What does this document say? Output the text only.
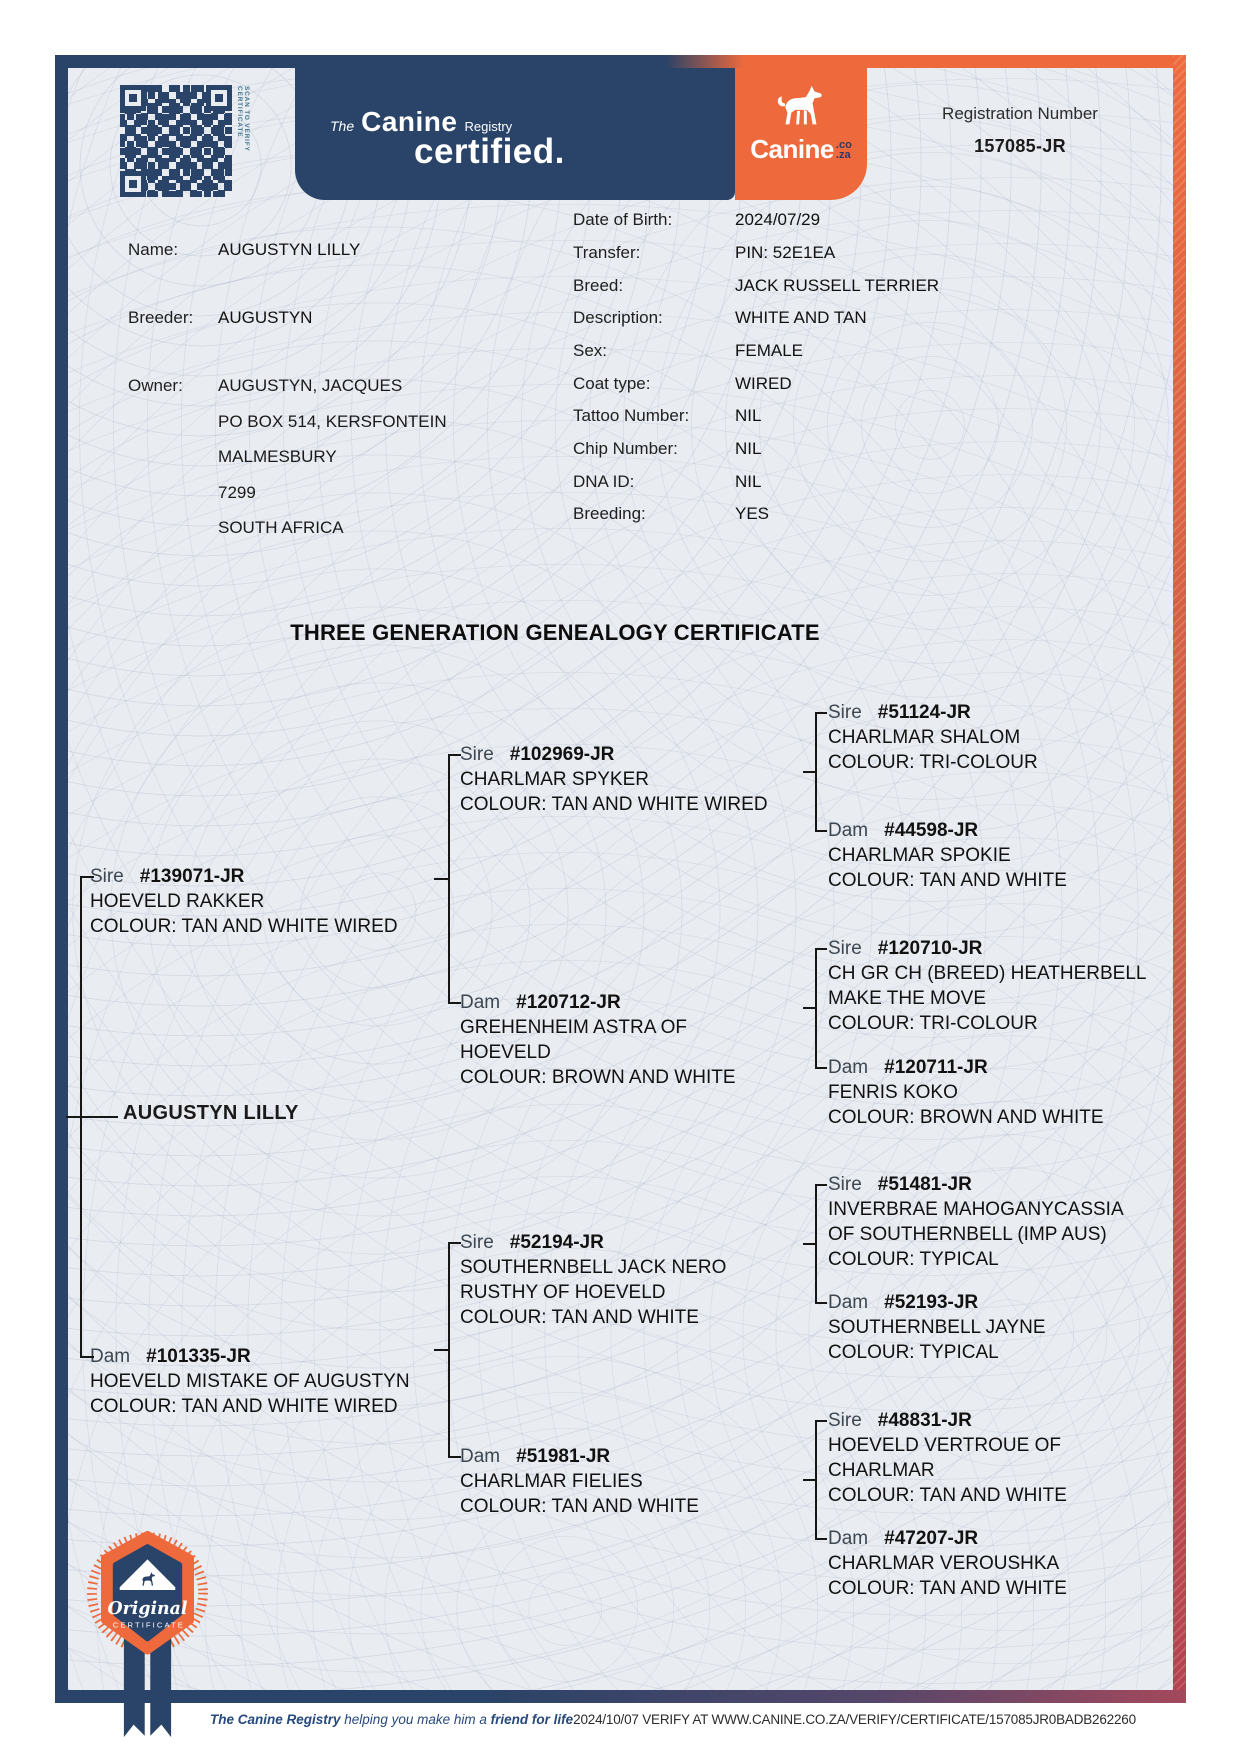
SCAN TO VERIFY CERTIFICATE	The Canine Registry
certified.	Canine .co
.za
Registration Number
157085-JR
Name:	AUGUSTYN LILLY
Breeder:	AUGUSTYN
Owner:	AUGUSTYN, JACQUES
PO BOX 514, KERSFONTEIN
MALMESBURY
7299
SOUTH AFRICA
Date of Birth:	2024/07/29
Transfer:	PIN: 52E1EA
Breed:	JACK RUSSELL TERRIER
Description:	WHITE AND TAN
Sex:	FEMALE
Coat type:	WIRED
Tattoo Number:	NIL
Chip Number:	NIL
DNA ID:	NIL
Breeding:	YES
THREE GENERATION GENEALOGY CERTIFICATE
AUGUSTYN LILLY
Sire #139071-JR
HOEVELD RAKKER
COLOUR: TAN AND WHITE WIRED
Dam #101335-JR
HOEVELD MISTAKE OF AUGUSTYN
COLOUR: TAN AND WHITE WIRED
Sire #102969-JR
CHARLMAR SPYKER
COLOUR: TAN AND WHITE WIRED
Dam #120712-JR
GREHENHEIM ASTRA OF
HOEVELD
COLOUR: BROWN AND WHITE
Sire #52194-JR
SOUTHERNBELL JACK NERO
RUSTHY OF HOEVELD
COLOUR: TAN AND WHITE
Dam #51981-JR
CHARLMAR FIELIES
COLOUR: TAN AND WHITE
Sire #51124-JR
CHARLMAR SHALOM
COLOUR: TRI-COLOUR
Dam #44598-JR
CHARLMAR SPOKIE
COLOUR: TAN AND WHITE
Sire #120710-JR
CH GR CH (BREED) HEATHERBELL
MAKE THE MOVE
COLOUR: TRI-COLOUR
Dam #120711-JR
FENRIS KOKO
COLOUR: BROWN AND WHITE
Sire #51481-JR
INVERBRAE MAHOGANYCASSIA
OF SOUTHERNBELL (IMP AUS)
COLOUR: TYPICAL
Dam #52193-JR
SOUTHERNBELL JAYNE
COLOUR: TYPICAL
Sire #48831-JR
HOEVELD VERTROUE OF
CHARLMAR
COLOUR: TAN AND WHITE
Dam #47207-JR
CHARLMAR VEROUSHKA
COLOUR: TAN AND WHITE
Original
CERTIFICATE
The Canine Registry helping you make him a friend for life2024/10/07 VERIFY AT WWW.CANINE.CO.ZA/VERIFY/CERTIFICATE/157085JR0BADB262260
